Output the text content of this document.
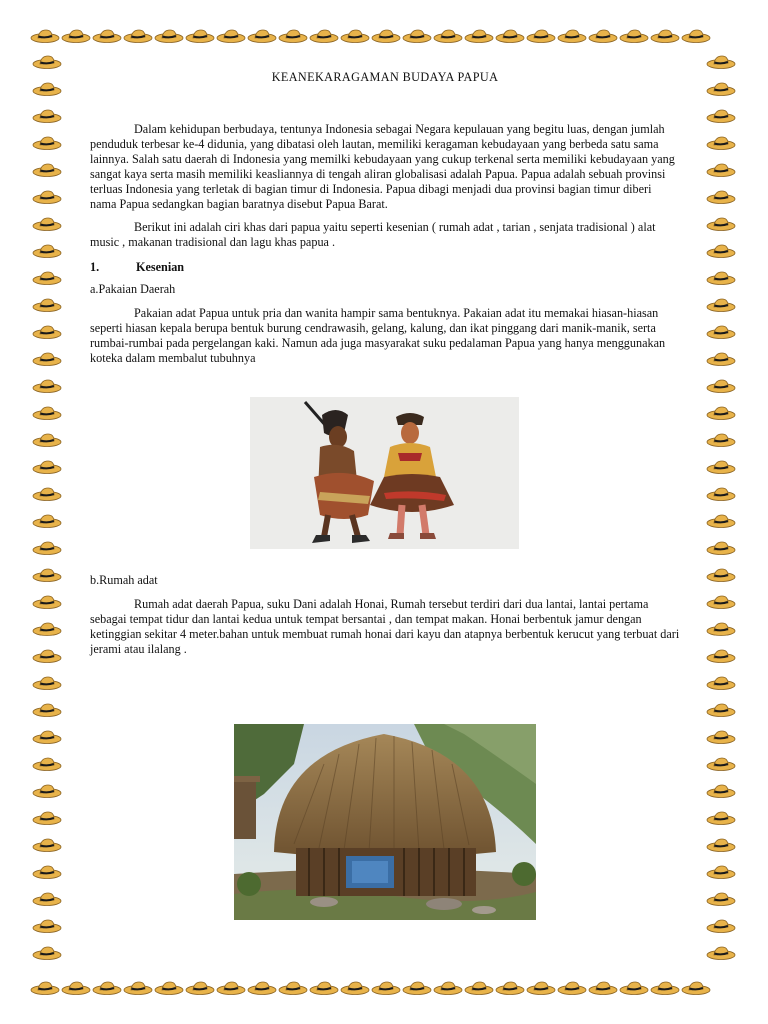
KEANEKARAGAMAN BUDAYA PAPUA

Dalam kehidupan berbudaya, tentunya Indonesia sebagai Negara kepulauan yang begitu luas, dengan jumlah penduduk terbesar ke-4 didunia, yang dibatasi oleh lautan, memiliki keragaman kebudayaan yang berbeda satu sama lainnya. Salah satu daerah di Indonesia yang memilki kebudayaan yang cukup terkenal serta memiliki kebudayaan yang sangat kaya serta masih memiliki keasliannya di tengah aliran globalisasi adalah Papua. Papua adalah sebuah provinsi terluas Indonesia yang terletak di bagian timur di Indonesia. Papua dibagi menjadi dua provinsi bagian timur diberi nama Papua sedangkan bagian baratnya disebut Papua Barat.

Berikut ini adalah ciri khas dari papua yaitu seperti kesenian ( rumah adat , tarian , senjata tradisional ) alat music , makanan tradisional dan lagu khas papua .

1.	Kesenian

a.Pakaian Daerah

Pakaian adat Papua untuk pria dan wanita hampir sama bentuknya. Pakaian adat itu memakai hiasan-hiasan seperti hiasan kepala berupa bentuk burung cendrawasih, gelang, kalung, dan ikat pinggang dari manik-manik, serta rumbai-rumbai pada pergelangan kaki. Namun ada juga masyarakat suku pedalaman Papua yang hanya menggunakan koteka dalam membalut tubuhnya

b.Rumah adat

Rumah adat daerah Papua, suku Dani adalah Honai, Rumah tersebut terdiri dari dua lantai, lantai pertama sebagai tempat tidur dan lantai kedua untuk tempat bersantai , dan tempat makan. Honai berbentuk jamur dengan ketinggian sekitar 4 meter.bahan untuk membuat rumah honai dari kayu dan atapnya berbentuk kerucut yang terbuat dari jerami atau ilalang .
